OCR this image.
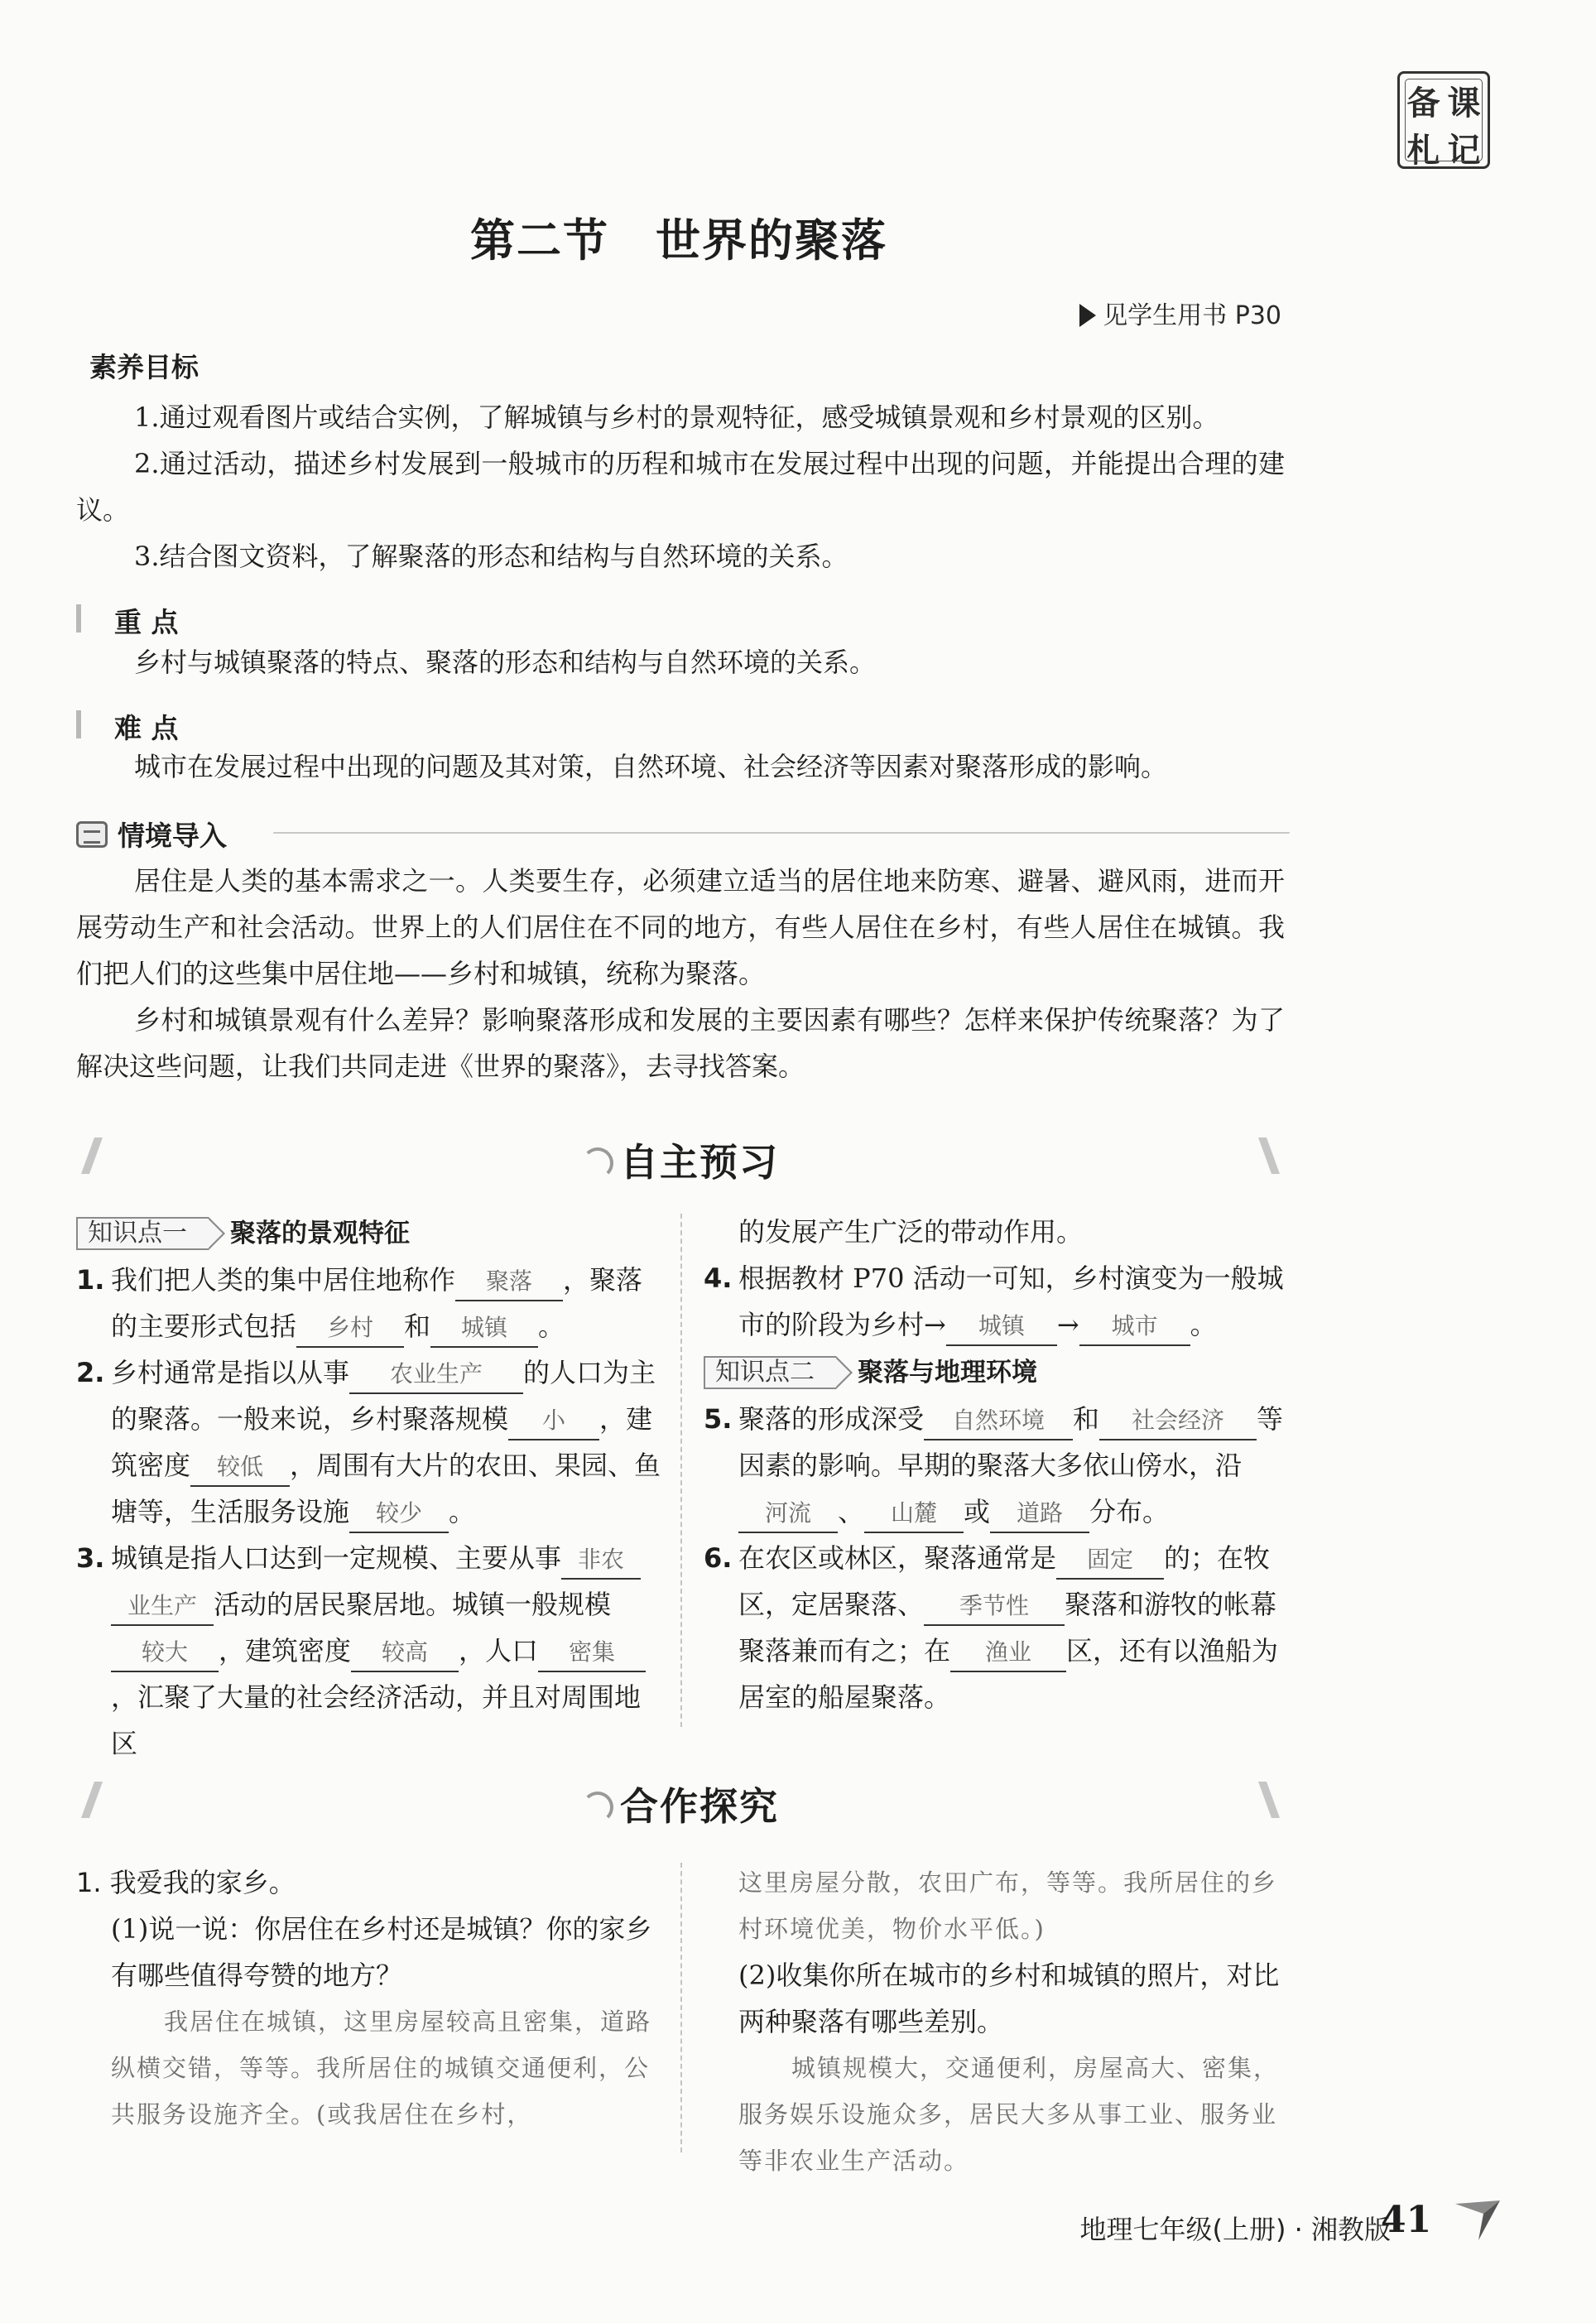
备 课
札 记
第二节 世界的聚落
见学生用书 P30
素养目标
1.通过观看图片或结合实例，了解城镇与乡村的景观特征，感受城镇景观和乡村景观的区别。
2.通过活动，描述乡村发展到一般城市的历程和城市在发展过程中出现的问题，并能提出合理的建议。
3.结合图文资料，了解聚落的形态和结构与自然环境的关系。
重 点
乡村与城镇聚落的特点、聚落的形态和结构与自然环境的关系。
难 点
城市在发展过程中出现的问题及其对策，自然环境、社会经济等因素对聚落形成的影响。
情境导入
居住是人类的基本需求之一。人类要生存，必须建立适当的居住地来防寒、避暑、避风雨，进而开展劳动生产和社会活动。世界上的人们居住在不同的地方，有些人居住在乡村，有些人居住在城镇。我们把人们的这些集中居住地——乡村和城镇，统称为聚落。
乡村和城镇景观有什么差异？影响聚落形成和发展的主要因素有哪些？怎样来保护传统聚落？为了解决这些问题，让我们共同走进《世界的聚落》，去寻找答案。
自主预习
知识点一	聚落的景观特征
1. 我们把人类的集中居住地称作 聚落 ，聚落的主要形式包括 乡村 和 城镇 。
2. 乡村通常是指以从事 农业生产 的人口为主的聚落。一般来说，乡村聚落规模 小 ，建筑密度 较低 ，周围有大片的农田、果园、鱼塘等，生活服务设施 较少 。
3. 城镇是指人口达到一定规模、主要从事 非农业生产 活动的居民聚居地。城镇一般规模较大 ，建筑密度 较高 ，人口 密集，汇聚了大量的社会经济活动，并且对周围地区
的发展产生广泛的带动作用。
4. 根据教材 P70 活动一可知，乡村演变为一般城市的阶段为乡村→ 城镇 → 城市 。
知识点二	聚落与地理环境
5. 聚落的形成深受 自然环境 和 社会经济 等因素的影响。早期的聚落大多依山傍水，沿河流 、 山麓 或 道路 分布。
6. 在农区或林区，聚落通常是 固定 的；在牧区，定居聚落、 季节性 聚落和游牧的帐幕聚落兼而有之；在 渔业 区，还有以渔船为居室的船屋聚落。
合作探究
1. 我爱我的家乡。
(1)说一说：你居住在乡村还是城镇？你的家乡有哪些值得夸赞的地方？
我居住在城镇，这里房屋较高且密集，道路纵横交错，等等。我所居住的城镇交通便利，公共服务设施齐全。(或我居住在乡村，
这里房屋分散，农田广布，等等。我所居住的乡村环境优美，物价水平低。)
(2)收集你所在城市的乡村和城镇的照片，对比两种聚落有哪些差别。
城镇规模大，交通便利，房屋高大、密集，服务娱乐设施众多，居民大多从事工业、服务业等非农业生产活动。
地理七年级(上册) · 湘教版
41
